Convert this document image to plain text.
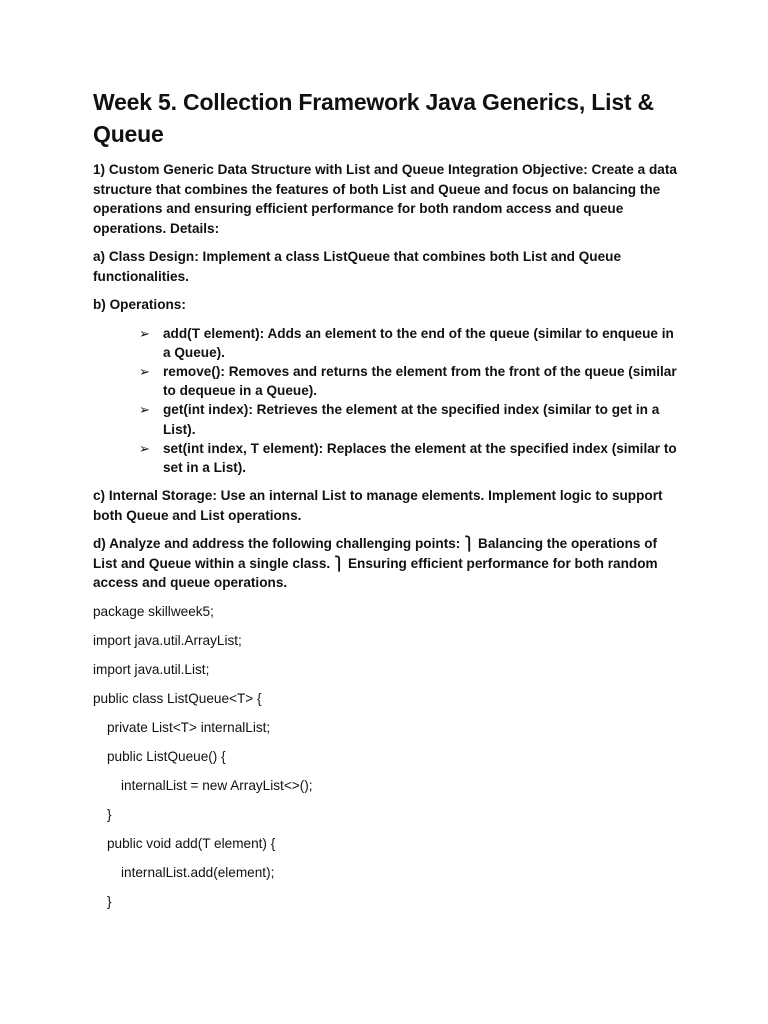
Week 5. Collection Framework Java Generics, List & Queue

1) Custom Generic Data Structure with List and Queue Integration Objective: Create a data structure that combines the features of both List and Queue and focus on balancing the operations and ensuring efficient performance for both random access and queue operations. Details:

a) Class Design: Implement a class ListQueue that combines both List and Queue functionalities.

b) Operations:

➢ add(T element): Adds an element to the end of the queue (similar to enqueue in a Queue).
➢ remove(): Removes and returns the element from the front of the queue (similar to dequeue in a Queue).
➢ get(int index): Retrieves the element at the specified index (similar to get in a List).
➢ set(int index, T element): Replaces the element at the specified index (similar to set in a List).

c) Internal Storage: Use an internal List to manage elements. Implement logic to support both Queue and List operations.

d) Analyze and address the following challenging points: ⎫ Balancing the operations of List and Queue within a single class. ⎫ Ensuring efficient performance for both random access and queue operations.

package skillweek5;
import java.util.ArrayList;
import java.util.List;
public class ListQueue<T> {
private List<T> internalList;
public ListQueue() {
internalList = new ArrayList<>();
}
public void add(T element) {
internalList.add(element);
}
